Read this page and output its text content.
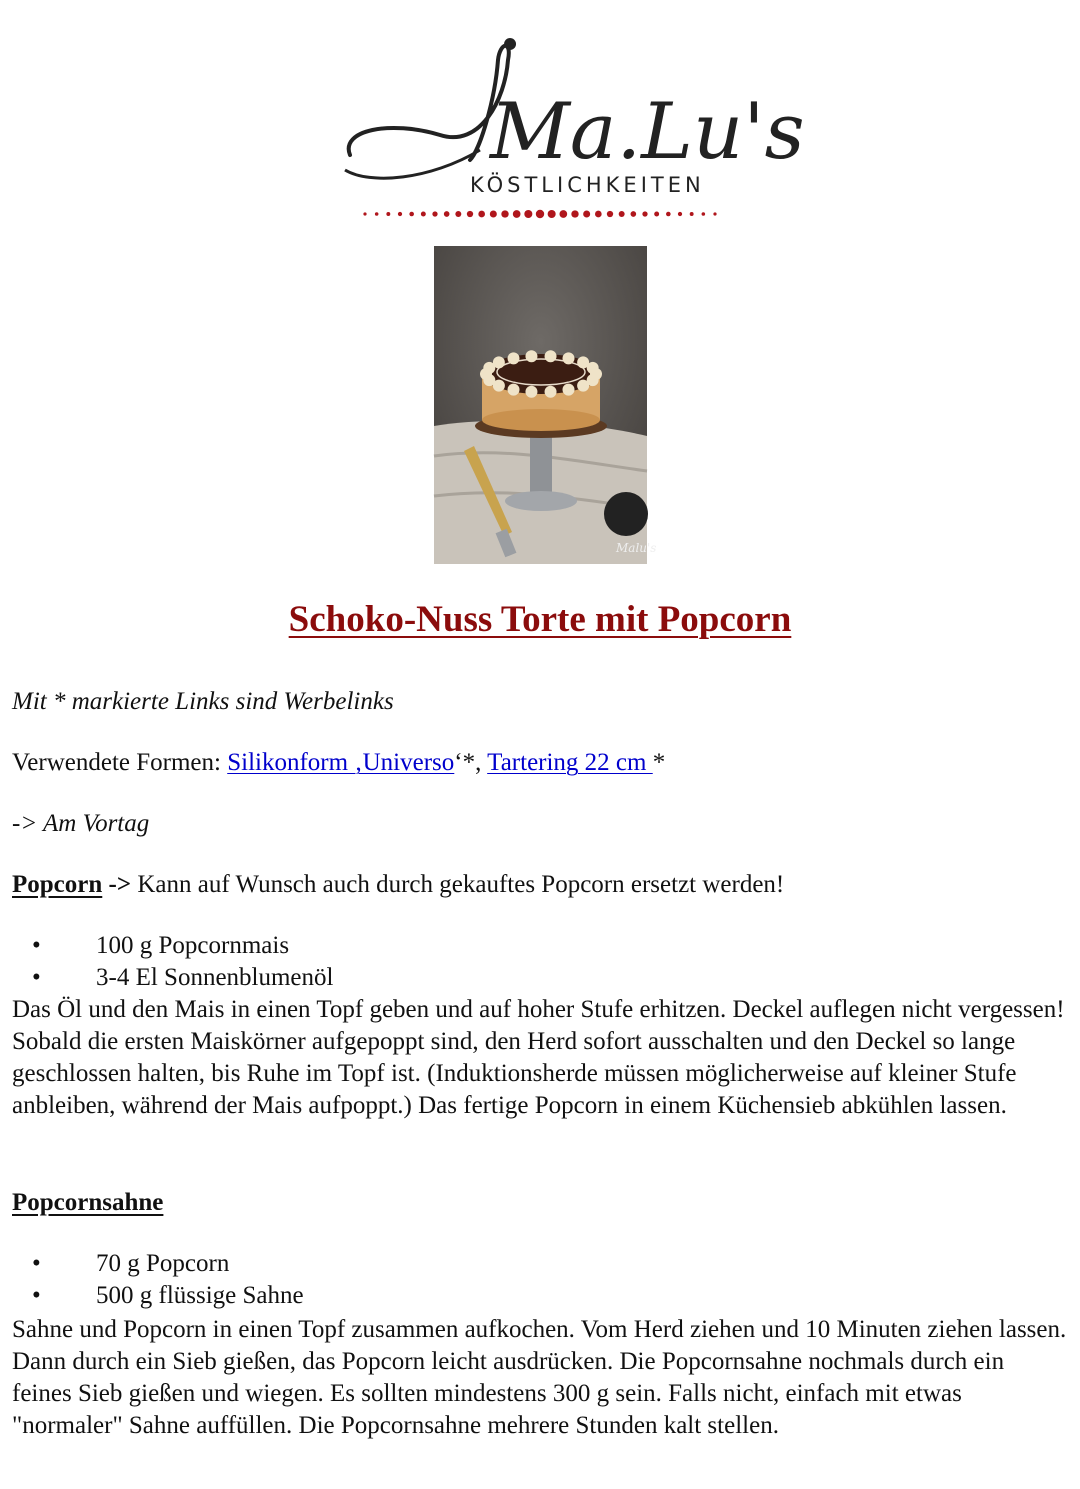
Ma.Lu's
KÖSTLICHKEITEN
Malu's
Schoko-Nuss Torte mit Popcorn
Mit * markierte Links sind Werbelinks
Verwendete Formen: Silikonform ‚Universo‘*, Tartering 22 cm *
-> Am Vortag
Popcorn -> Kann auf Wunsch auch durch gekauftes Popcorn ersetzt werden!
• 100 g Popcornmais
• 3-4 El Sonnenblumenöl
Das Öl und den Mais in einen Topf geben und auf hoher Stufe erhitzen. Deckel auflegen nicht vergessen! Sobald die ersten Maiskörner aufgepoppt sind, den Herd sofort ausschalten und den Deckel so lange geschlossen halten, bis Ruhe im Topf ist. (Induktionsherde müssen möglicherweise auf kleiner Stufe anbleiben, während der Mais aufpoppt.) Das fertige Popcorn in einem Küchensieb abkühlen lassen.
Popcornsahne
• 70 g Popcorn
• 500 g flüssige Sahne
Sahne und Popcorn in einen Topf zusammen aufkochen. Vom Herd ziehen und 10 Minuten ziehen lassen. Dann durch ein Sieb gießen, das Popcorn leicht ausdrücken. Die Popcornsahne nochmals durch ein feines Sieb gießen und wiegen. Es sollten mindestens 300 g sein. Falls nicht, einfach mit etwas "normaler" Sahne auffüllen. Die Popcornsahne mehrere Stunden kalt stellen.
